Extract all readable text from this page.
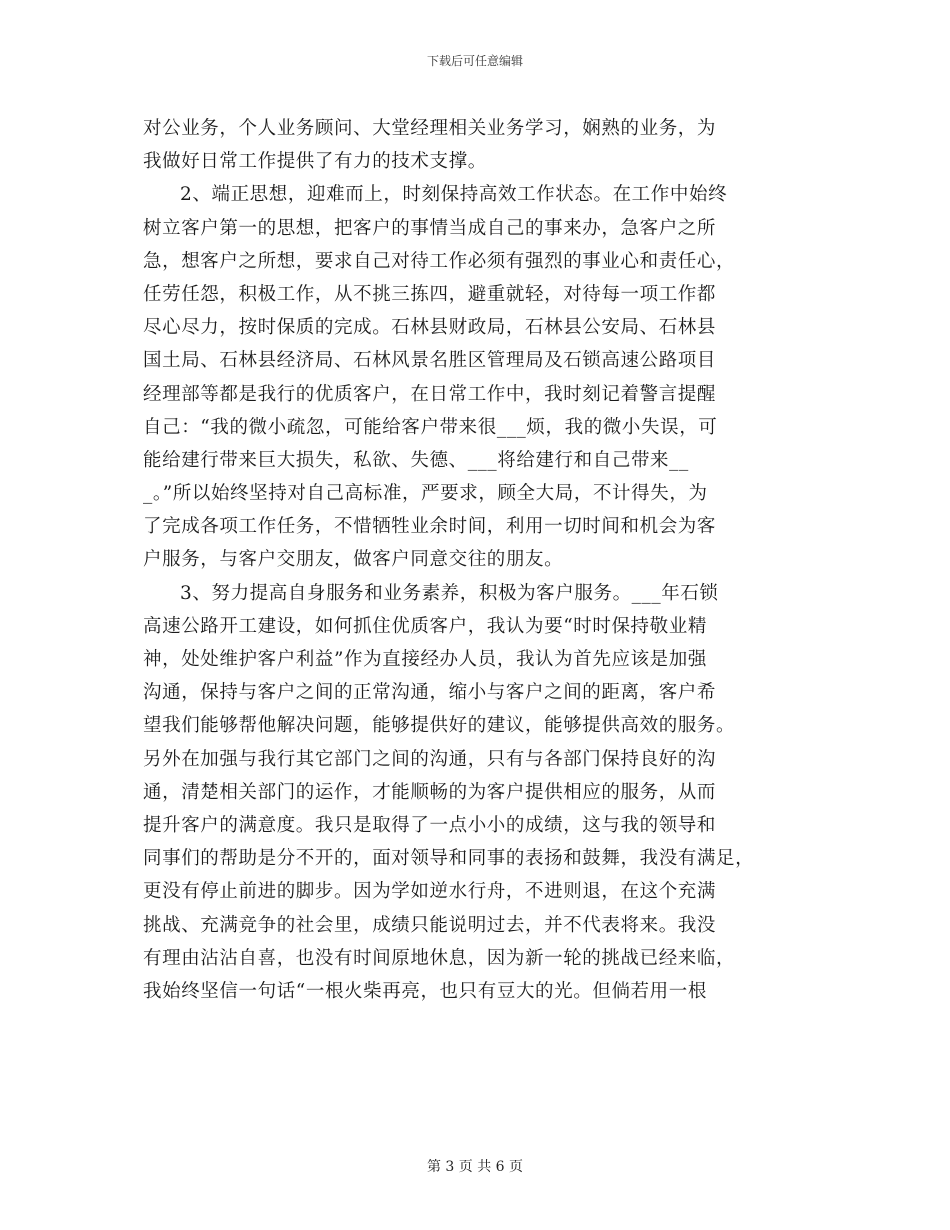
下载后可任意编辑
对公业务，个人业务顾问、大堂经理相关业务学习，娴熟的业务，为
我做好日常工作提供了有力的技术支撑。
2、端正思想，迎难而上，时刻保持高效工作状态。在工作中始终
树立客户第一的思想，把客户的事情当成自己的事来办，急客户之所
急，想客户之所想，要求自己对待工作必须有强烈的事业心和责任心，
任劳任怨，积极工作，从不挑三拣四，避重就轻，对待每一项工作都
尽心尽力，按时保质的完成。石林县财政局，石林县公安局、石林县
国土局、石林县经济局、石林风景名胜区管理局及石锁高速公路项目
经理部等都是我行的优质客户，在日常工作中，我时刻记着警言提醒
自己：“我的微小疏忽，可能给客户带来很___烦，我的微小失误，可
能给建行带来巨大损失，私欲、失德、___将给建行和自己带来__
_。”所以始终坚持对自己高标准，严要求，顾全大局，不计得失，为
了完成各项工作任务，不惜牺牲业余时间，利用一切时间和机会为客
户服务，与客户交朋友，做客户同意交往的朋友。
3、努力提高自身服务和业务素养，积极为客户服务。___年石锁
高速公路开工建设，如何抓住优质客户，我认为要“时时保持敬业精
神，处处维护客户利益”作为直接经办人员，我认为首先应该是加强
沟通，保持与客户之间的正常沟通，缩小与客户之间的距离，客户希
望我们能够帮他解决问题，能够提供好的建议，能够提供高效的服务。
另外在加强与我行其它部门之间的沟通，只有与各部门保持良好的沟
通，清楚相关部门的运作，才能顺畅的为客户提供相应的服务，从而
提升客户的满意度。我只是取得了一点小小的成绩，这与我的领导和
同事们的帮助是分不开的，面对领导和同事的表扬和鼓舞，我没有满足，
更没有停止前进的脚步。因为学如逆水行舟，不进则退，在这个充满
挑战、充满竞争的社会里，成绩只能说明过去，并不代表将来。我没
有理由沾沾自喜，也没有时间原地休息，因为新一轮的挑战已经来临，
我始终坚信一句话“一根火柴再亮，也只有豆大的光。但倘若用一根
第 3 页 共 6 页
